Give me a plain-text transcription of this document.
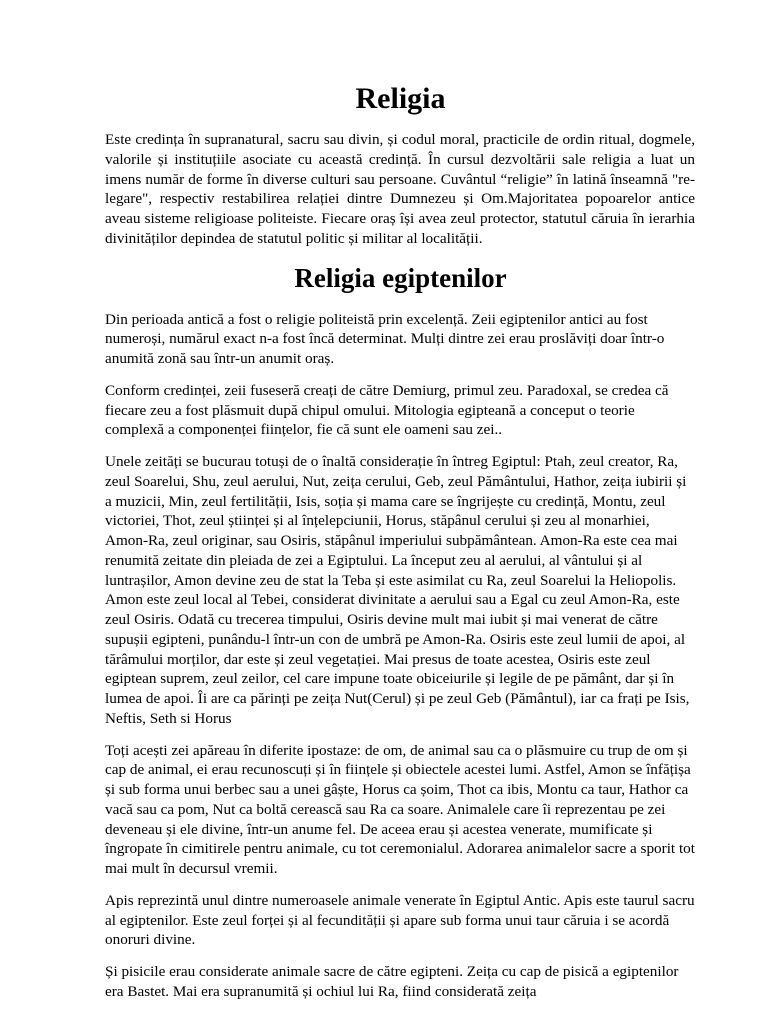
Religia

Este credința în supranatural, sacru sau divin, și codul moral, practicile de ordin ritual, dogmele, valorile și instituțiile asociate cu această credință. În cursul dezvoltării sale religia a luat un imens număr de forme în diverse culturi sau persoane. Cuvântul “religie” în latină înseamnă "re-legare", respectiv restabilirea relației dintre Dumnezeu și Om.Majoritatea popoarelor antice aveau sisteme religioase politeiste. Fiecare oraș își avea zeul protector, statutul căruia în ierarhia divinităților depindea de statutul politic și militar al localității.

Religia egiptenilor

Din perioada antică a fost o religie politeistă prin excelență. Zeii egiptenilor antici au fost numeroși, numărul exact n-a fost încă determinat. Mulți dintre zei erau proslăviți doar într-o anumită zonă sau într-un anumit oraș.

Conform credinței, zeii fuseseră creați de către Demiurg, primul zeu. Paradoxal, se credea că fiecare zeu a fost plăsmuit după chipul omului. Mitologia egipteană a conceput o teorie complexă a componenței ființelor, fie că sunt ele oameni sau zei..

Unele zeități se bucurau totuși de o înaltă considerație în întreg Egiptul: Ptah, zeul creator, Ra, zeul Soarelui, Shu, zeul aerului, Nut, zeița cerului, Geb, zeul Pământului, Hathor, zeița iubirii și a muzicii, Min, zeul fertilității, Isis, soția și mama care se îngrijește cu credință, Montu, zeul victoriei, Thot, zeul științei și al înțelepciunii, Horus, stăpânul cerului și zeu al monarhiei, Amon-Ra, zeul originar, sau Osiris, stăpânul imperiului subpământean. Amon-Ra este cea mai renumită zeitate din pleiada de zei a Egiptului. La început zeu al aerului, al vântului și al luntrașilor, Amon devine zeu de stat la Teba și este asimilat cu Ra, zeul Soarelui la Heliopolis. Amon este zeul local al Tebei, considerat divinitate a aerului sau a Egal cu zeul Amon-Ra, este zeul Osiris. Odată cu trecerea timpului, Osiris devine mult mai iubit și mai venerat de către supușii egipteni, punându-l într-un con de umbră pe Amon-Ra. Osiris este zeul lumii de apoi, al tărâmului morților, dar este și zeul vegetației. Mai presus de toate acestea, Osiris este zeul egiptean suprem, zeul zeilor, cel care impune toate obiceiurile și legile de pe pământ, dar și în lumea de apoi. Îi are ca părinți pe zeița Nut(Cerul) și pe zeul Geb (Pământul), iar ca frați pe Isis, Neftis, Seth si Horus

Toți acești zei apăreau în diferite ipostaze: de om, de animal sau ca o plăsmuire cu trup de om și cap de animal, ei erau recunoscuți și în ființele și obiectele acestei lumi. Astfel, Amon se înfățișa și sub forma unui berbec sau a unei gâște, Horus ca șoim, Thot ca ibis, Montu ca taur, Hathor ca vacă sau ca pom, Nut ca boltă cerească sau Ra ca soare. Animalele care îi reprezentau pe zei deveneau și ele divine, într-un anume fel. De aceea erau și acestea venerate, mumificate și îngropate în cimitirele pentru animale, cu tot ceremonialul. Adorarea animalelor sacre a sporit tot mai mult în decursul vremii.

Apis reprezintă unul dintre numeroasele animale venerate în Egiptul Antic. Apis este taurul sacru al egiptenilor. Este zeul forței și al fecundității și apare sub forma unui taur căruia i se acordă onoruri divine.

Și pisicile erau considerate animale sacre de către egipteni. Zeița cu cap de pisică a egiptenilor era Bastet. Mai era supranumită și ochiul lui Ra, fiind considerată zeița
